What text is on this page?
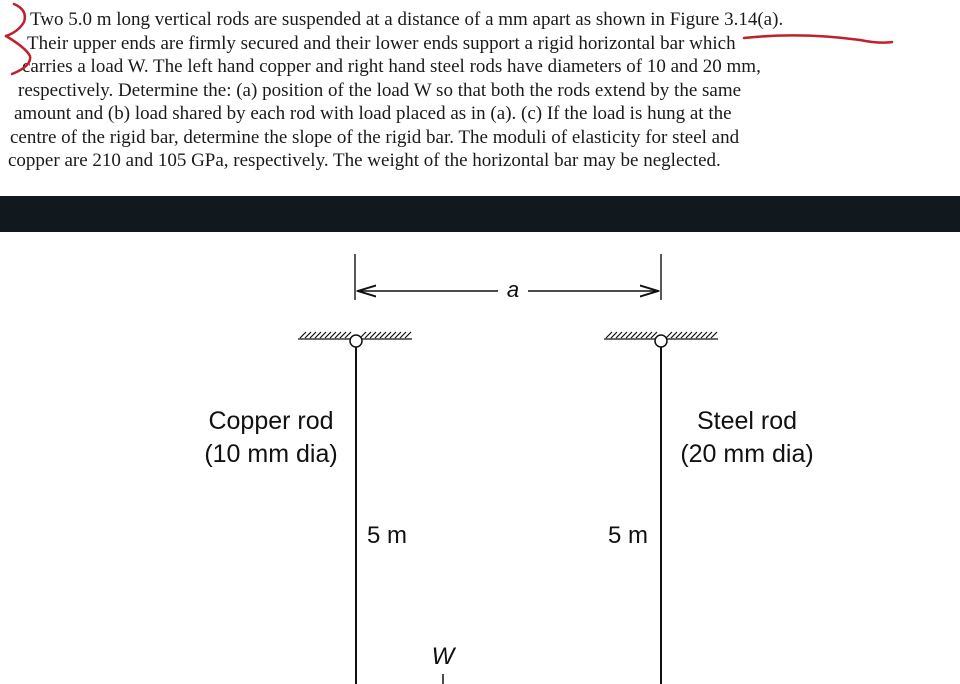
Two 5.0 m long vertical rods are suspended at a distance of a mm apart as shown in Figure 3.14(a).
Their upper ends are firmly secured and their lower ends support a rigid horizontal bar which
carries a load W. The left hand copper and right hand steel rods have diameters of 10 and 20 mm,
respectively. Determine the: (a) position of the load W so that both the rods extend by the same
amount and (b) load shared by each rod with load placed as in (a). (c) If the load is hung at the
centre of the rigid bar, determine the slope of the rigid bar. The moduli of elasticity for steel and
copper are 210 and 105 GPa, respectively. The weight of the horizontal bar may be neglected.
a
Copper rod
(10 mm dia)
Steel rod
(20 mm dia)
5 m	5 m
W
